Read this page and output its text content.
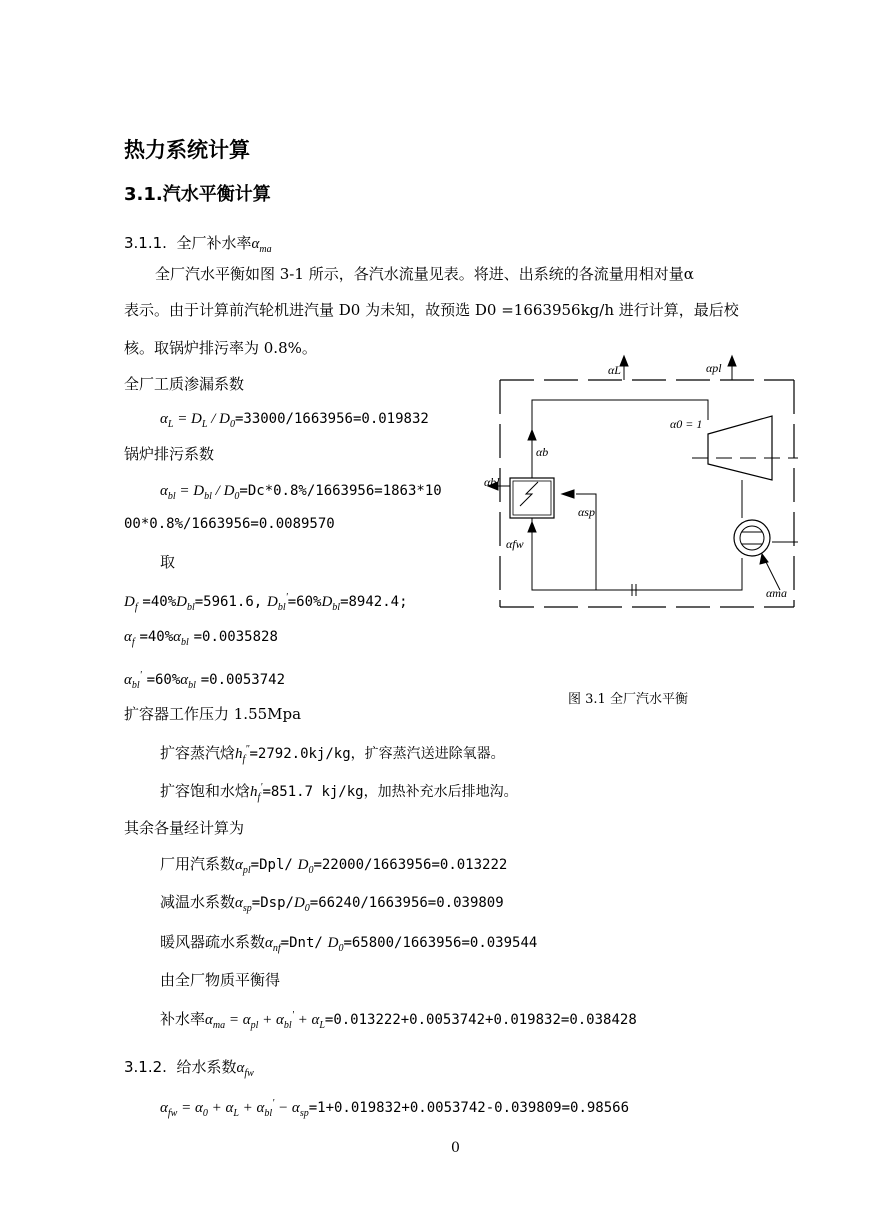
热力系统计算
3.1.汽水平衡计算
3.1.1. 全厂补水率$\alpha_{ma}$
全厂汽水平衡如图 3-1 所示，各汽水流量见表。将进、出系统的各流量用相对量α
表示。由于计算前汽轮机进汽量 D0 为未知，故预选 D0 =1663956kg/h 进行计算，最后校
核。取锅炉排污率为 0.8%。
全厂工质渗漏系数
$\alpha_L = D_L / D_0=33000/1663956=0.019832$
锅炉排污系数
$\alpha_{bl} = D_{bl} / D_0=Dc*0.8\%/1663956=1863*10$
00*0.8%/1663956=0.0089570
取
$D_f =40\%D_{bl}=5961.6$, $D_{bl}'=60\%D_{bl}=8942.4$;
$\alpha_f =40\%\alpha_{bl} =0.0035828$
$\alpha_{bl}' =60\%\alpha_{bl} =0.0053742$
扩容器工作压力 1.55Mpa
扩容蒸汽焓$h_f^"=2792.0kj/kg$，扩容蒸汽送进除氧器。
扩容饱和水焓$h_f'=851.7$ kj/kg，加热补充水后排地沟。
其余各量经计算为
厂用汽系数$\alpha_{pl}=Dpl/$ $D_0=22000/1663956=0.013222$
减温水系数$\alpha_{sp}=Dsp/D_0=66240/1663956=0.039809$
暖风器疏水系数$\alpha_{nf}=Dnt/$ $D_0=65800/1663956=0.039544$
由全厂物质平衡得
补水率$\alpha_{ma} = \alpha_{pl} + \alpha_{bl}' + \alpha_L=0.013222+0.0053742+0.019832=0.038428$
3.1.2. 给水系数$\alpha_{fw}$
$\alpha_{fw} = \alpha_0 + \alpha_L + \alpha_{bl}' - \alpha_{sp}=1+0.019832+0.0053742-0.039809=0.98566$
0
αL	αpl
α0 = 1
αb
αbl
αsp
αfw
αma
图 3.1 全厂汽水平衡
